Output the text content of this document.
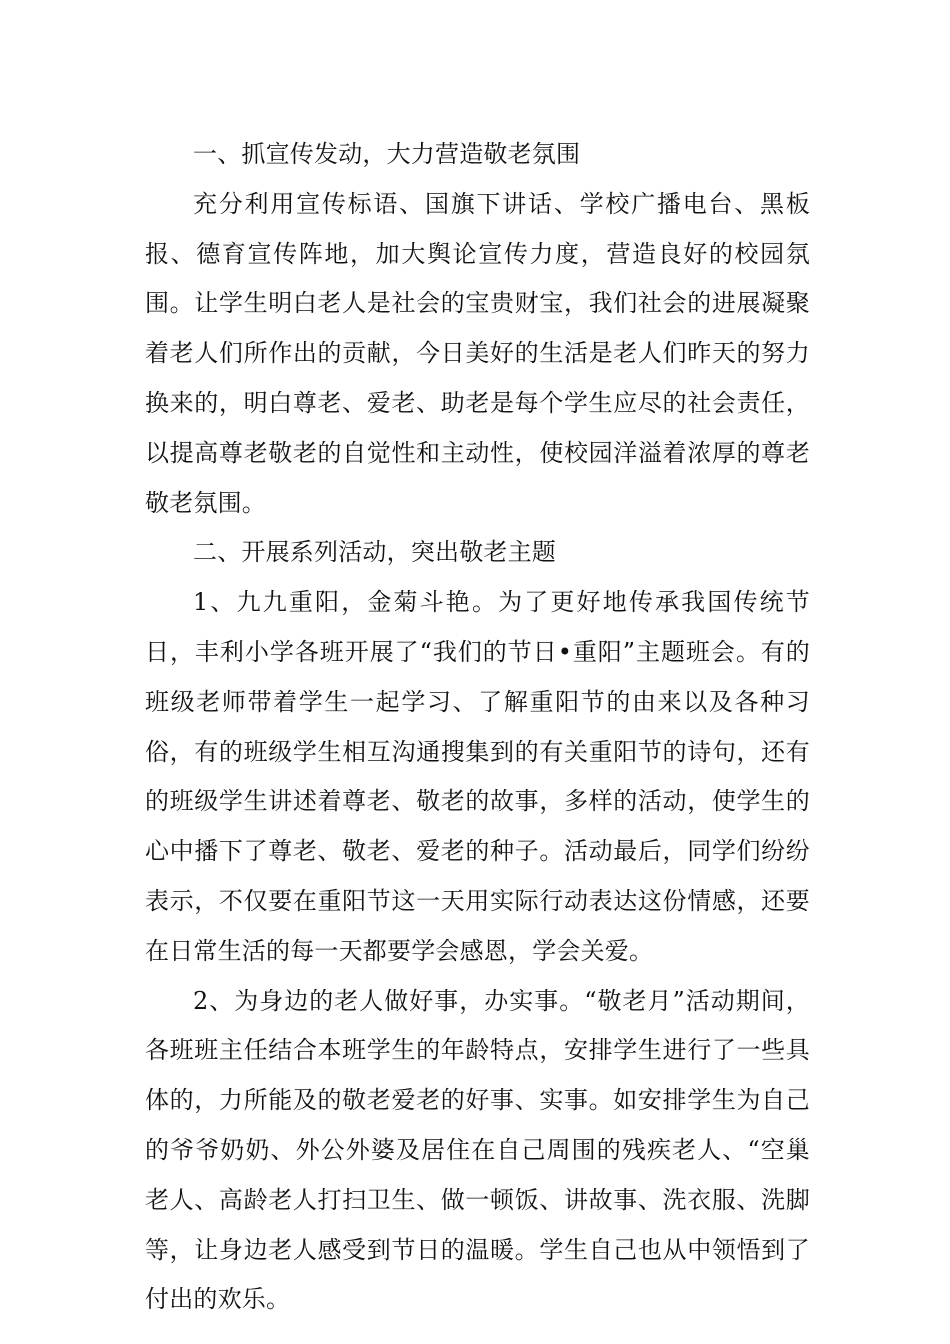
一、抓宣传发动，大力营造敬老氛围

充分利用宣传标语、国旗下讲话、学校广播电台、黑板报、德育宣传阵地，加大舆论宣传力度，营造良好的校园氛围。让学生明白老人是社会的宝贵财宝，我们社会的进展凝聚着老人们所作出的贡献，今日美好的生活是老人们昨天的努力换来的，明白尊老、爱老、助老是每个学生应尽的社会责任，以提高尊老敬老的自觉性和主动性，使校园洋溢着浓厚的尊老敬老氛围。

二、开展系列活动，突出敬老主题

1、九九重阳，金菊斗艳。为了更好地传承我国传统节日，丰利小学各班开展了“我们的节日•重阳”主题班会。有的班级老师带着学生一起学习、了解重阳节的由来以及各种习俗，有的班级学生相互沟通搜集到的有关重阳节的诗句，还有的班级学生讲述着尊老、敬老的故事，多样的活动，使学生的心中播下了尊老、敬老、爱老的种子。活动最后，同学们纷纷表示，不仅要在重阳节这一天用实际行动表达这份情感，还要在日常生活的每一天都要学会感恩，学会关爱。

2、为身边的老人做好事，办实事。“敬老月”活动期间，各班班主任结合本班学生的年龄特点，安排学生进行了一些具体的，力所能及的敬老爱老的好事、实事。如安排学生为自己的爷爷奶奶、外公外婆及居住在自己周围的残疾老人、“空巢老人、高龄老人打扫卫生、做一顿饭、讲故事、洗衣服、洗脚等，让身边老人感受到节日的温暖。学生自己也从中领悟到了付出的欢乐。
